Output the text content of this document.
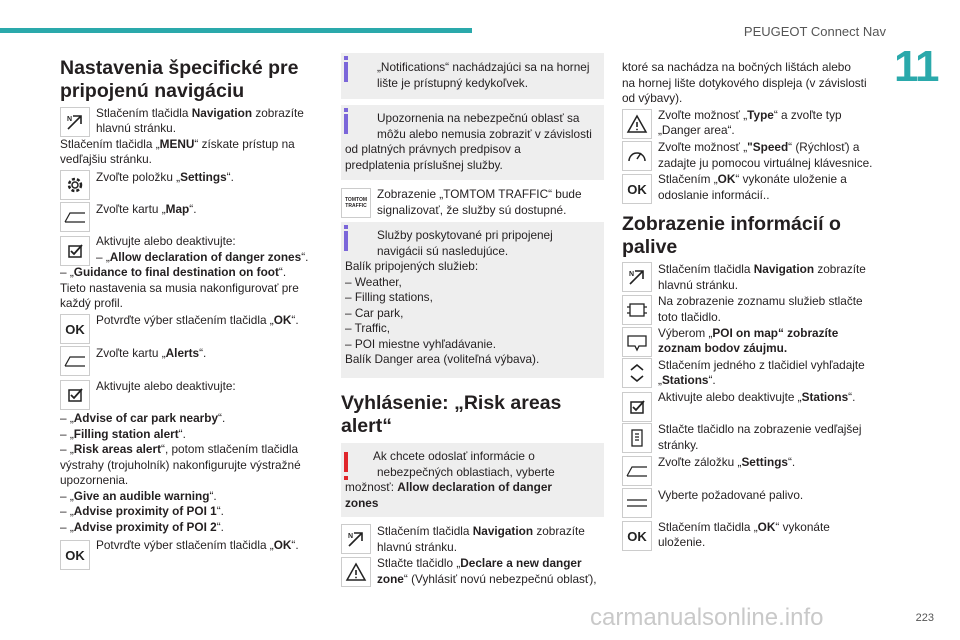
PEUGEOT Connect Nav
11
Nastavenia špecifické pre
pripojenú navigáciu
N Stlačením tlačidla Navigation zobrazíte

hlavnú stránku.

Stlačením tlačidla „MENU“ získate prístup na

vedľajšiu stránku.

Zvoľte položku „Settings“.

Zvoľte kartu „Map“.

Aktivujte alebo deaktivujte:

– „Allow declaration of danger zones“.

– „Guidance to final destination on foot“.

Tieto nastavenia sa musia nakonfigurovať pre

každý profil.

OK

Potvrďte výber stlačením tlačidla „OK“.

Zvoľte kartu „Alerts“.

Aktivujte alebo deaktivujte:

– „Advise of car park nearby“.

– „Filling station alert“.

– „Risk areas alert“, potom stlačením tlačidla

výstrahy (trojuholník) nakonfigurujte výstražné

upozornenia.

– „Give an audible warning“.

– „Advise proximity of POI 1“.

– „Advise proximity of POI 2“.

OK

Potvrďte výber stlačením tlačidla „OK“.

„Notifications“ nachádzajúci sa na hornej

lište je prístupný kedykoľvek.

Upozornenia na nebezpečnú oblasť sa

môžu alebo nemusia zobraziť v závislosti

od platných právnych predpisov a

predplatenia príslušnej služby.

TOMTOM TRAFFIC

Zobrazenie „TOMTOM TRAFFIC“ bude

signalizovať, že služby sú dostupné.

Služby poskytované pri pripojenej

navigácii sú nasledujúce.

Balík pripojených služieb:

– Weather,

– Filling stations,

– Car park,

– Traffic,

– POI miestne vyhľadávanie.

Balík Danger area (voliteľná výbava).

Vyhlásenie: „Risk areas
alert“

Ak chcete odoslať informácie o

nebezpečných oblastiach, vyberte

možnosť: Allow declaration of danger

zones

N Stlačením tlačidla Navigation zobrazíte

hlavnú stránku.

Stlačte tlačidlo „Declare a new danger

zone“ (Vyhlásiť novú nebezpečnú oblasť),

ktoré sa nachádza na bočných lištách alebo

na hornej lište dotykového displeja (v závislosti

od výbavy).

Zvoľte možnosť „Type“ a zvoľte typ

„Danger area“.

Zvoľte možnosť „"Speed“ (Rýchlosť) a

zadajte ju pomocou virtuálnej klávesnice.

OK

Stlačením „OK“ vykonáte uloženie a

odoslanie informácií..

Zobrazenie informácií o
palive
N Stlačením tlačidla Navigation zobrazíte

hlavnú stránku.

Na zobrazenie zoznamu služieb stlačte

toto tlačidlo.

Výberom „POI on map“ zobrazíte

zoznam bodov záujmu.

Stlačením jedného z tlačidiel vyhľadajte

„Stations“.

Aktivujte alebo deaktivujte „Stations“.

Stlačte tlačidlo na zobrazenie vedľajšej

stránky.

Zvoľte záložku „Settings“.

Vyberte požadované palivo.

OK

Stlačením tlačidla „OK“ vykonáte

uloženie.

carmanualsonline.info	223
